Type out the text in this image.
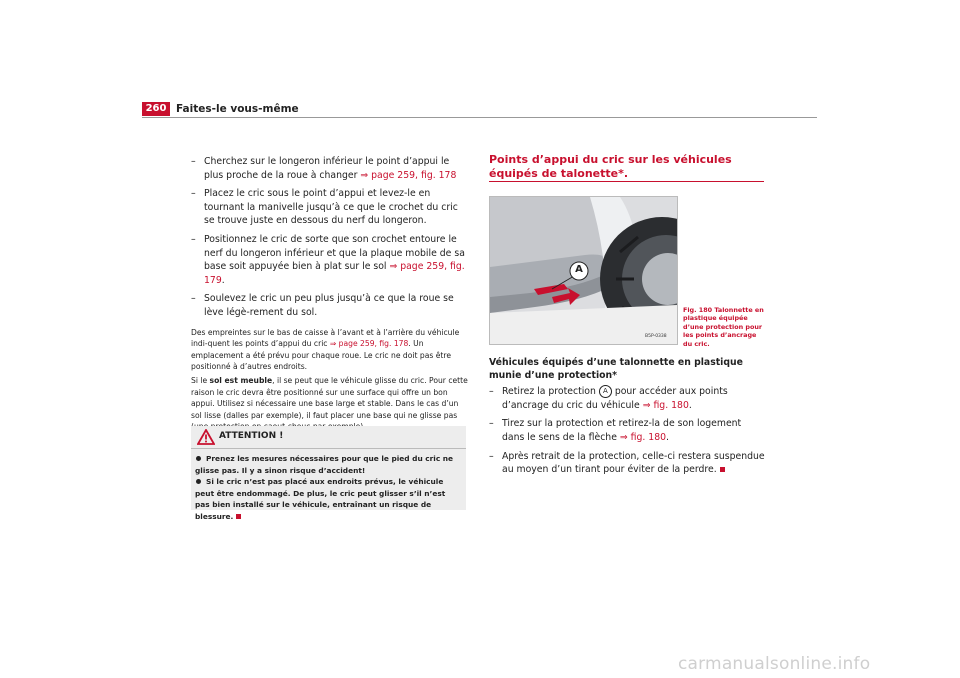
260 Faites-le vous-même
– Cherchez sur le longeron inférieur le point d’appui le plus proche de la roue à changer ⇒ page 259, fig. 178
– Placez le cric sous le point d’appui et levez-le en tournant la manivelle jusqu’à ce que le crochet du cric se trouve juste en dessous du nerf du longeron.
– Positionnez le cric de sorte que son crochet entoure le nerf du longeron inférieur et que la plaque mobile de sa base soit appuyée bien à plat sur le sol ⇒ page 259, fig. 179.
– Soulevez le cric un peu plus jusqu’à ce que la roue se lève légè-rement du sol.
Des empreintes sur le bas de caisse à l’avant et à l’arrière du véhicule indi-quent les points d’appui du cric ⇒ page 259, fig. 178. Un emplacement a été prévu pour chaque roue. Le cric ne doit pas être positionné à d’autres endroits.
Si le sol est meuble, il se peut que le véhicule glisse du cric. Pour cette raison le cric devra être positionné sur une surface qui offre un bon appui. Utilisez si nécessaire une base large et stable. Dans le cas d’un sol lisse (dalles par exemple), il faut placer une base qui ne glisse pas
ATTENTION !
Prenez les mesures nécessaires pour que le pied du cric ne glisse pas. Il y a sinon risque d’accident!
Si le cric n’est pas placé aux endroits prévus, le véhicule peut être endommagé. De plus, le cric peut glisser s’il n’est pas bien installé sur le véhicule, entraînant un risque de blessure.
Points d’appui du cric sur les véhicules équipés de talonette*.
A
B5P-0338
Fig. 180 Talonnette en plastique équipée d’une protection pour les points d’ancrage du cric.
Véhicules équipés d’une talonnette en plastique munie d’une protection*
– Retirez la protection A pour accéder aux points d’ancrage du cric du véhicule ⇒ fig. 180.
– Tirez sur la protection et retirez-la de son logement dans le sens de la flèche ⇒ fig. 180.
– Après retrait de la protection, celle-ci restera suspendue au moyen d’un tirant pour éviter de la perdre.
carmanualsonline.info
